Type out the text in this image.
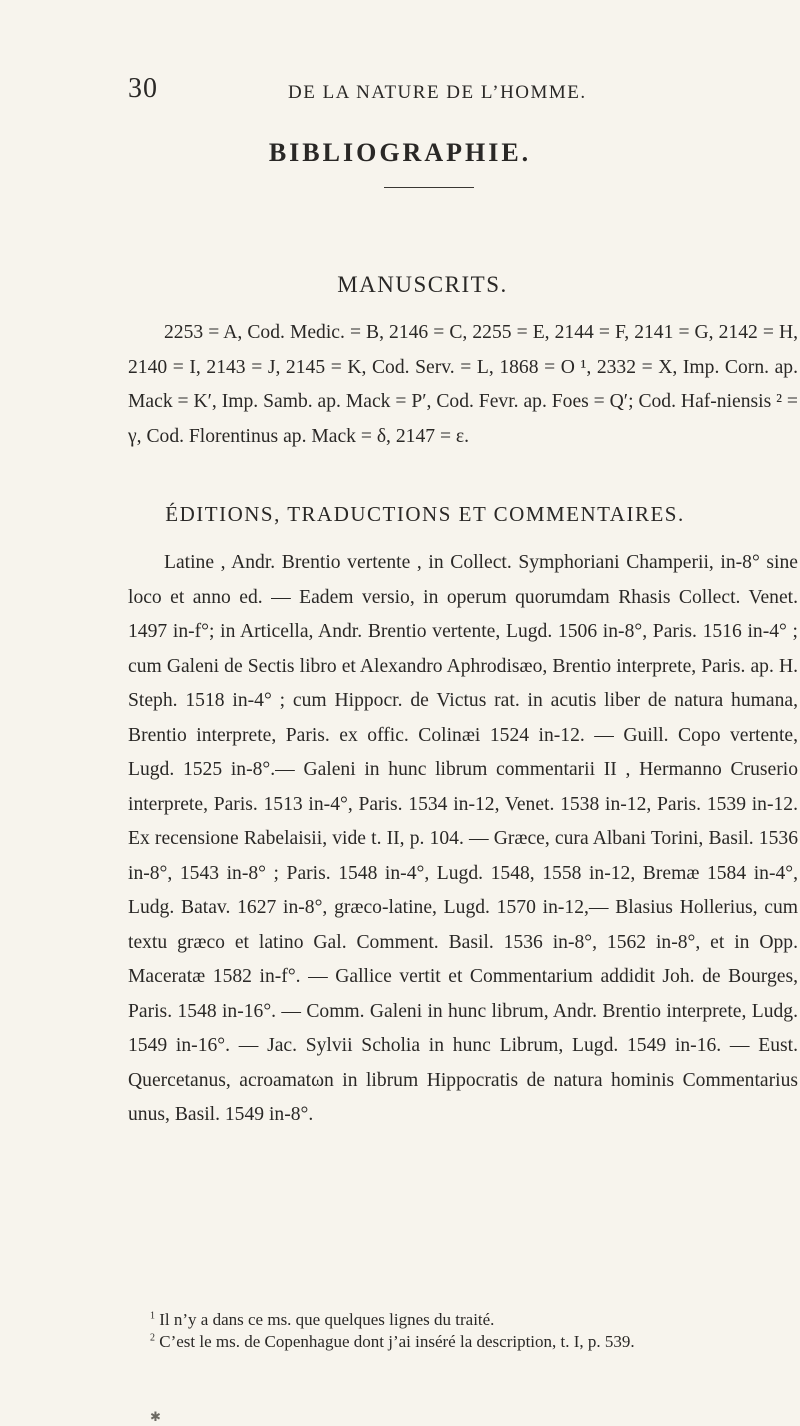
30	DE LA NATURE DE L’HOMME.
BIBLIOGRAPHIE.
MANUSCRITS.

2253 = A, Cod. Medic. = B, 2146 = C, 2255 = E, 2144 = F, 2141 = G, 2142 = H, 2140 = I, 2143 = J, 2145 = K, Cod. Serv. = L, 1868 = O ¹, 2332 = X, Imp. Corn. ap. Mack = K′, Imp. Samb. ap. Mack = P′, Cod. Fevr. ap. Foes = Q′; Cod. Haf-niensis ² = γ, Cod. Florentinus ap. Mack = δ, 2147 = ε.

ÉDITIONS, TRADUCTIONS ET COMMENTAIRES.

Latine , Andr. Brentio vertente , in Collect. Symphoriani Champerii, in-8° sine loco et anno ed. — Eadem versio, in operum quorumdam Rhasis Collect. Venet. 1497 in-f°; in Articella, Andr. Brentio vertente, Lugd. 1506 in-8°, Paris. 1516 in-4° ; cum Galeni de Sectis libro et Alexandro Aphrodisæo, Brentio interprete, Paris. ap. H. Steph. 1518 in-4° ; cum Hippocr. de Victus rat. in acutis liber de natura humana, Brentio interprete, Paris. ex offic. Colinæi 1524 in-12. — Guill. Copo vertente, Lugd. 1525 in-8°.— Galeni in hunc librum commentarii II , Hermanno Cruserio interprete, Paris. 1513 in-4°, Paris. 1534 in-12, Venet. 1538 in-12, Paris. 1539 in-12. Ex recensione Rabelaisii, vide t. II, p. 104. — Græce, cura Albani Torini, Basil. 1536 in-8°, 1543 in-8° ; Paris. 1548 in-4°, Lugd. 1548, 1558 in-12, Bremæ 1584 in-4°, Ludg. Batav. 1627 in-8°, græco-latine, Lugd. 1570 in-12,— Blasius Hollerius, cum textu græco et latino Gal. Comment. Basil. 1536 in-8°, 1562 in-8°, et in Opp. Maceratæ 1582 in-f°. — Gallice vertit et Commentarium addidit Joh. de Bourges, Paris. 1548 in-16°. — Comm. Galeni in hunc librum, Andr. Brentio interprete, Ludg. 1549 in-16°. — Jac. Sylvii Scholia in hunc Librum, Lugd. 1549 in-16. — Eust. Quercetanus, acroamatωn in librum Hippocratis de natura hominis Commentarius unus, Basil. 1549 in-8°.

$^1$ Il n’y a dans ce ms. que quelques lignes du traité.

$^2$ C’est le ms. de Copenhague dont j’ai inséré la description, t. I, p. 539.

✱
